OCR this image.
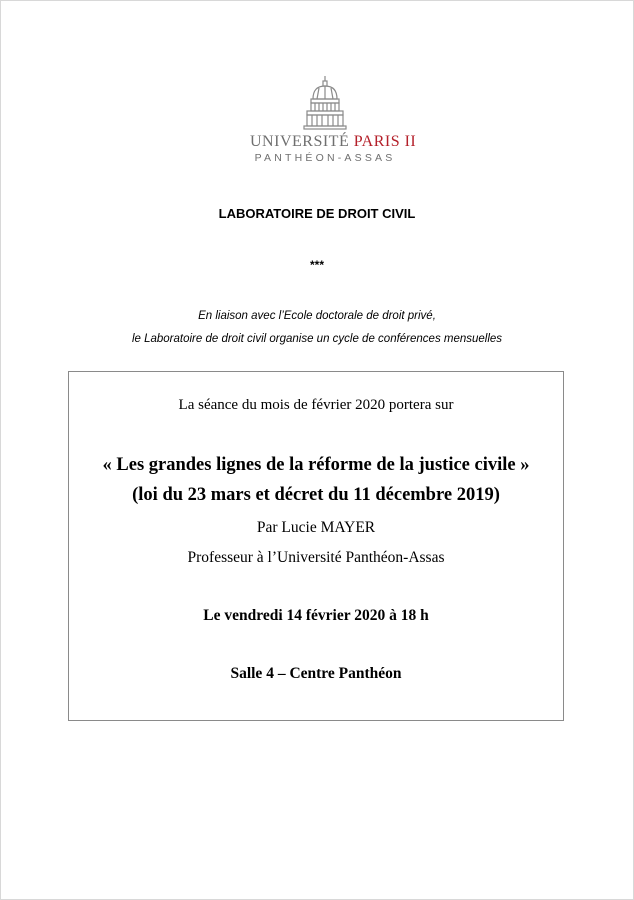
UNIVERSITÉ PARIS II
PANTHÉON-ASSAS
LABORATOIRE DE DROIT CIVIL
***
En liaison avec l’Ecole doctorale de droit privé,
le Laboratoire de droit civil organise un cycle de conférences mensuelles
La séance du mois de février 2020 portera sur
« Les grandes lignes de la réforme de la justice civile »
(loi du 23 mars et décret du 11 décembre 2019)
Par Lucie MAYER
Professeur à l’Université Panthéon-Assas
Le vendredi 14 février 2020 à 18 h
Salle 4 – Centre Panthéon
